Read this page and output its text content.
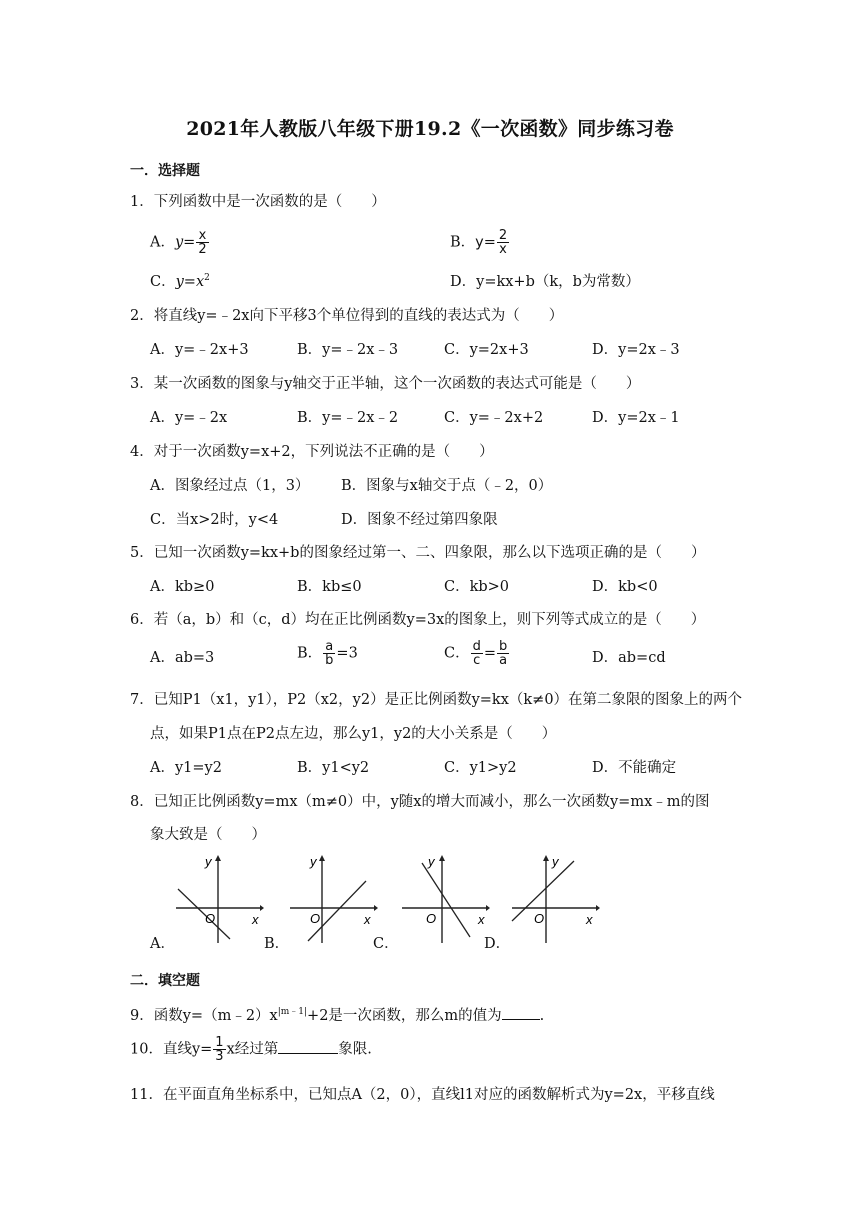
2021年人教版八年级下册19.2《一次函数》同步练习卷
一．选择题
1．下列函数中是一次函数的是（　　）
A．$y= \frac{x}{2}$	B．$y= \frac{2}{x}$
C．$y=x^2$	D．y=kx+b（k，b为常数）
2．将直线y=﹣2x向下平移3个单位得到的直线的表达式为（　　）
A．y=﹣2x+3	B．y=﹣2x﹣3	C．y=2x+3	D．y=2x﹣3
3．某一次函数的图象与y轴交于正半轴，这个一次函数的表达式可能是（　　）
A．y=﹣2x	B．y=﹣2x﹣2	C．y=﹣2x+2	D．y=2x﹣1
4．对于一次函数y=x+2，下列说法不正确的是（　　）
A．图象经过点（1，3） B．图象与x轴交于点（﹣2，0）
C．当x>2时，y<4	D．图象不经过第四象限
5．已知一次函数y=kx+b的图象经过第一、二、四象限，那么以下选项正确的是（　　）
A．kb≥0	B．kb≤0	C．kb>0	D．kb<0
6．若（a，b）和（c，d）均在正比例函数y=3x的图象上，则下列等式成立的是（　　）
A．ab=3	B． $\frac{a}{b} =3$	C． $\frac{d}{c} = \frac{b}{a}$	D．ab=cd
7．已知P1（x1，y1），P2（x2，y2）是正比例函数y=kx（k≠0）在第二象限的图象上的两个
点，如果P1点在P2点左边，那么y1，y2的大小关系是（　　）
A．y1=y2	B．y1<y2	C．y1>y2	D．不能确定
8．已知正比例函数y=mx（m≠0）中，y随x的增大而减小，那么一次函数y=mx﹣m的图
象大致是（　　）
y
x
O
A．
y
x
O
B．
y
x
O
C．
y
x
O
D．
二．填空题
9．函数$y=(m﹣2)x^{|m﹣1|}+2$是一次函数，那么m的值为	.
10．直线$y= \frac{1}{3}$ x经过第	象限.
11．在平面直角坐标系中，已知点A（2，0），直线l1对应的函数解析式为y=2x，平移直线
